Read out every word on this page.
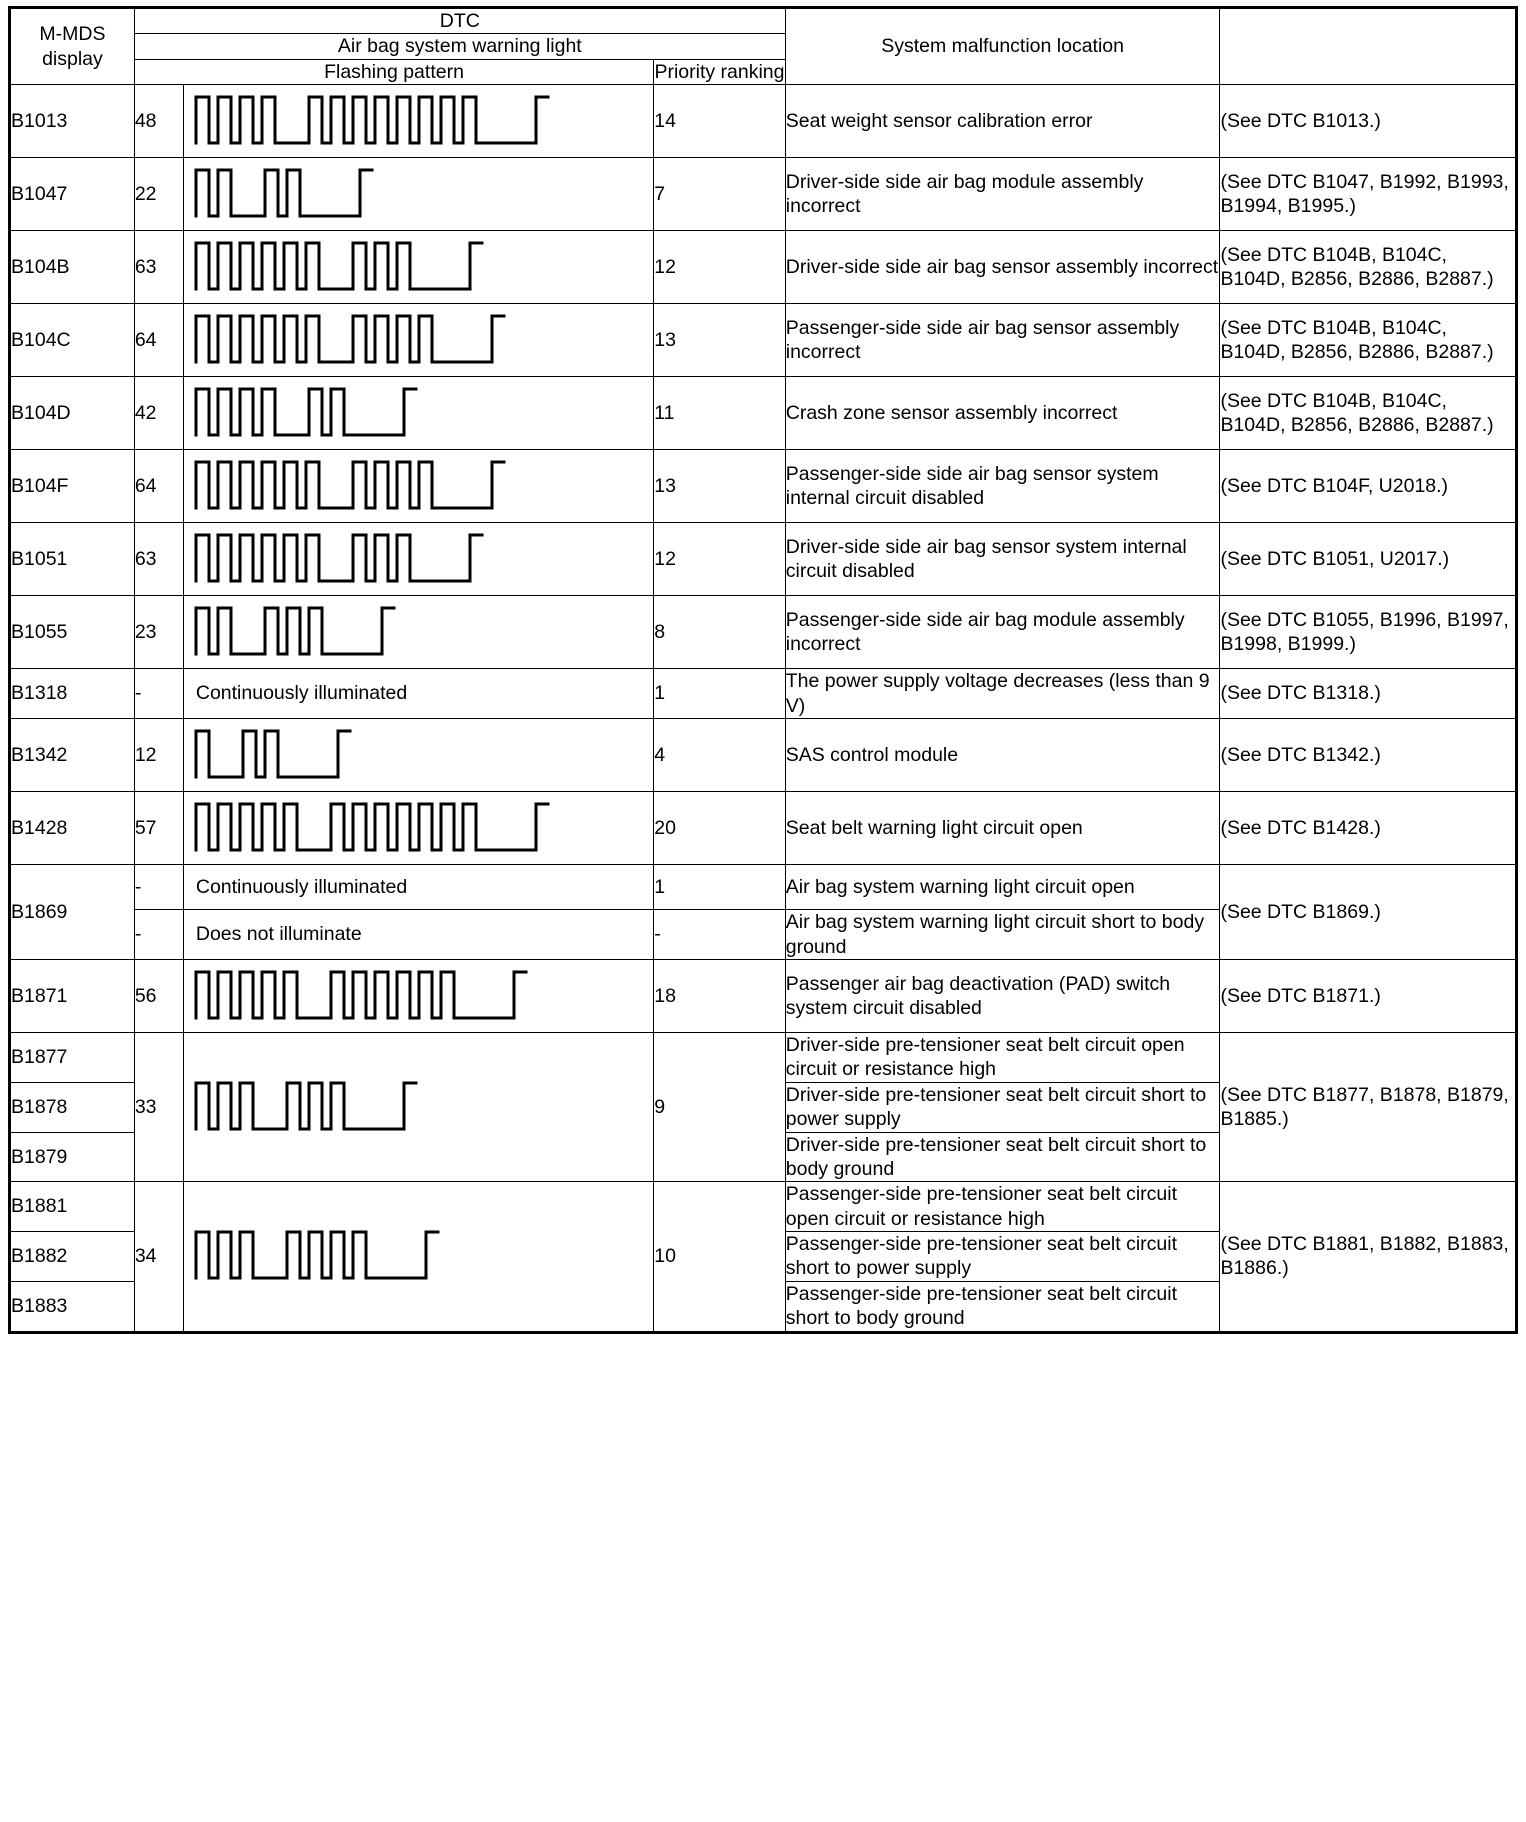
M-MDS display	DTC			System malfunction location	
	Air bag system warning light				
	Flashing pattern		Priority ranking		
B1013	48		14	Seat weight sensor calibration error	(See DTC B1013.)
B1047	22		7	Driver-side side air bag module assembly incorrect	(See DTC B1047, B1992, B1993, B1994, B1995.)
B104B	63		12	Driver-side side air bag sensor assembly incorrect	(See DTC B104B, B104C, B104D, B2856, B2886, B2887.)
B104C	64		13	Passenger-side side air bag sensor assembly incorrect	(See DTC B104B, B104C, B104D, B2856, B2886, B2887.)
B104D	42		11	Crash zone sensor assembly incorrect	(See DTC B104B, B104C, B104D, B2856, B2886, B2887.)
B104F	64		13	Passenger-side side air bag sensor system internal circuit disabled	(See DTC B104F, U2018.)
B1051	63		12	Driver-side side air bag sensor system internal circuit disabled	(See DTC B1051, U2017.)
B1055	23		8	Passenger-side side air bag module assembly incorrect	(See DTC B1055, B1996, B1997, B1998, B1999.)
B1318	-	Continuously illuminated	1	The power supply voltage decreases (less than 9 V)	(See DTC B1318.)
B1342	12		4	SAS control module	(See DTC B1342.)
B1428	57		20	Seat belt warning light circuit open	(See DTC B1428.)
B1869	-	Continuously illuminated	1	Air bag system warning light circuit open	(See DTC B1869.)
	-	Does not illuminate	-	Air bag system warning light circuit short to body ground	
B1871	56		18	Passenger air bag deactivation (PAD) switch system circuit disabled	(See DTC B1871.)
B1877	33		9	Driver-side pre-tensioner seat belt circuit open circuit or resistance high	(See DTC B1877, B1878, B1879, B1885.)
B1878				Driver-side pre-tensioner seat belt circuit short to power supply	
B1879				Driver-side pre-tensioner seat belt circuit short to body ground	
B1881	34		10	Passenger-side pre-tensioner seat belt circuit open circuit or resistance high	(See DTC B1881, B1882, B1883, B1886.)
B1882				Passenger-side pre-tensioner seat belt circuit short to power supply	
B1883				Passenger-side pre-tensioner seat belt circuit short to body ground	
